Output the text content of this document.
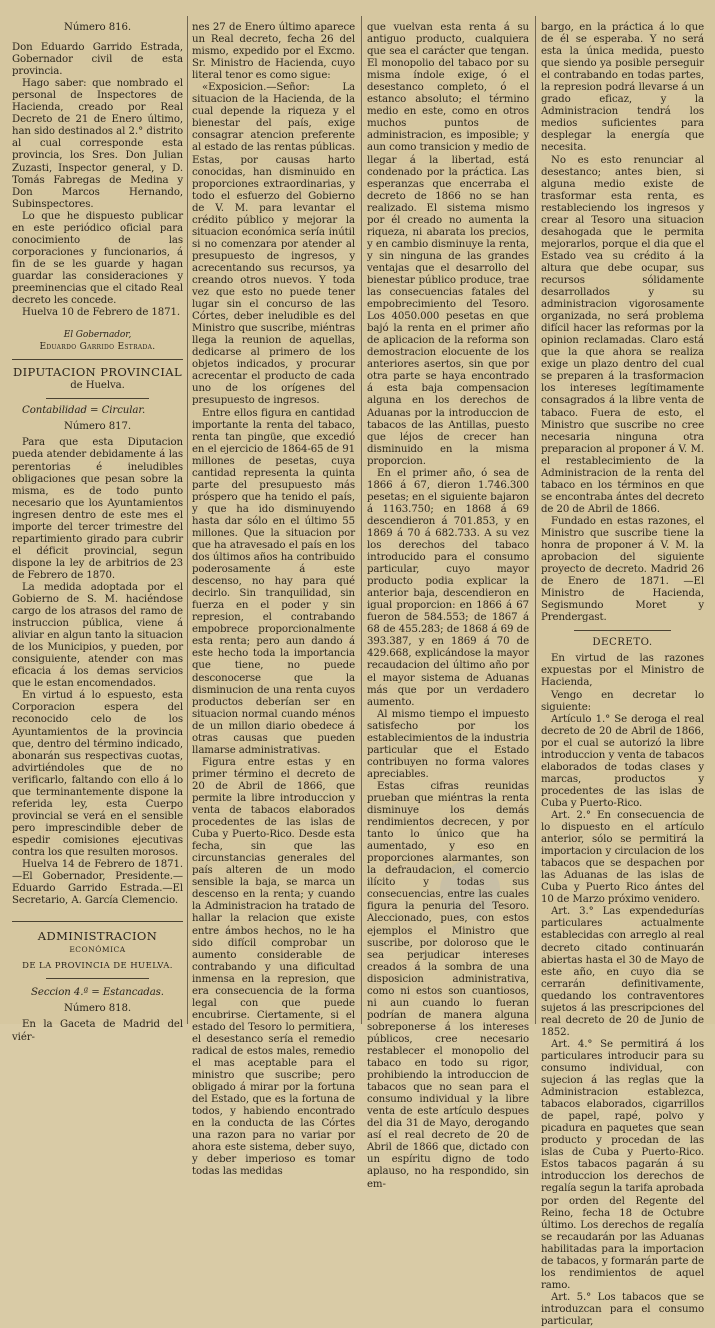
Número 816.

Don Eduardo Garrido Estrada, Gobernador civil de esta provincia.

Hago saber: que nombrado el personal de Inspectores de Hacienda, creado por Real Decreto de 21 de Enero último, han sido destinados al 2.° distrito al cual corresponde esta provincia, los Sres. Don Julian Zuzasti, Inspector general, y D. Tomás Fabregas de Medina y Don Marcos Hernando, Subinspectores.

Lo que he dispuesto publicar en este periódico oficial para conocimiento de las corporaciones y funcionarios, á fin de se les guarde y hagan guardar las consideraciones y preeminencias que el citado Real decreto les concede.

Huelva 10 de Febrero de 1871.

El Gobernador,

Eduardo Garrido Estrada.

DIPUTACION PROVINCIAL

de Huelva.

Contabilidad = Circular.

Número 817.

Para que esta Diputacion pueda atender debidamente á las perentorias é ineludibles obligaciones que pesan sobre la misma, es de todo punto necesario que los Ayuntamientos ingresen dentro de este mes el importe del tercer trimestre del repartimiento girado para cubrir el déficit provincial, segun dispone la ley de arbitrios de 23 de Febrero de 1870.

La medida adoptada por el Gobierno de S. M. haciéndose cargo de los atrasos del ramo de instruccion pública, viene á aliviar en algun tanto la situacion de los Municipios, y pueden, por consiguiente, atender con mas eficacia á los demas servicios que le estan encomendados.

En virtud á lo espuesto, esta Corporacion espera del reconocido celo de los Ayuntamientos de la provincia que, dentro del término indicado, abonarán sus respectivas cuotas, advirtiéndoles que de no verificarlo, faltando con ello á lo que terminantemente dispone la referida ley, esta Cuerpo provincial se verá en el sensible pero imprescindible deber de espedir comisiones ejecutivas contra los que resulten morosos.

Huelva 14 de Febrero de 1871.—El Gobernador, Presidente.—Eduardo Garrido Estrada.—El Secretario, A. García Clemencio.

ADMINISTRACION

ECONÓMICA

DE LA PROVINCIA DE HUELVA.

Seccion 4.ª = Estancadas.

Número 818.

En la Gaceta de Madrid del viér-

nes 27 de Enero último aparece un Real decreto, fecha 26 del mismo, expedido por el Excmo. Sr. Ministro de Hacienda, cuyo literal tenor es como sigue:

«Exposicion.—Señor: La situacion de la Hacienda, de la cual depende la riqueza y el bienestar del país, exige consagrar atencion preferente al estado de las rentas públicas. Estas, por causas harto conocidas, han disminuido en proporciones extraordinarias, y todo el esfuerzo del Gobierno de V. M. para levantar el crédito público y mejorar la situacion económica sería inútil si no comenzara por atender al presupuesto de ingresos, y acrecentando sus recursos, ya creando otros nuevos. Y toda vez que esto no puede tener lugar sin el concurso de las Córtes, deber ineludible es del Ministro que suscribe, miéntras llega la reunion de aquellas, dedicarse al primero de los objetos indicados, y procurar acrecentar el producto de cada uno de los orígenes del presupuesto de ingresos.

Entre ellos figura en cantidad importante la renta del tabaco, renta tan pingüe, que excedió en el ejercicio de 1864-65 de 91 millones de pesetas, cuya cantidad representa la quinta parte del presupuesto más próspero que ha tenido el país, y que ha ido disminuyendo hasta dar sólo en el último 55 millones. Que la situacion por que ha atravesado el país en los dos últimos años ha contribuido poderosamente á este descenso, no hay para qué decirlo. Sin tranquilidad, sin fuerza en el poder y sin represion, el contrabando empobrece proporcionalmente esta renta; pero aun dando á este hecho toda la importancia que tiene, no puede desconocerse que la disminucion de una renta cuyos productos deberían ser en situacion normal cuando ménos de un millon diario obedece á otras causas que pueden llamarse administrativas.

Figura entre estas y en primer término el decreto de 20 de Abril de 1866, que permite la libre introduccion y venta de tabacos elaborados procedentes de las islas de Cuba y Puerto-Rico. Desde esta fecha, sin que las circunstancias generales del país alteren de un modo sensible la baja, se marca un descenso en la renta; y cuando la Administracion ha tratado de hallar la relacion que existe entre ámbos hechos, no le ha sido difícil comprobar un aumento considerable de contrabando y una dificultad inmensa en la represion, que era consecuencia de la forma legal con que puede encubrirse. Ciertamente, si el estado del Tesoro lo permitiera, el desestanco sería el remedio radical de estos males, remedio el mas aceptable para el ministro que suscribe; pero obligado á mirar por la fortuna del Estado, que es la fortuna de todos, y habiendo encontrado en la conducta de las Córtes una razon para no variar por ahora este sistema, deber suyo, y deber imperioso es tomar todas las medidas

que vuelvan esta renta á su antiguo producto, cualquiera que sea el carácter que tengan. El monopolio del tabaco por su misma índole exige, ó el desestanco completo, ó el estanco absoluto; el término medio en este, como en otros muchos puntos de administracion, es imposible; y aun como transicion y medio de llegar á la libertad, está condenado por la práctica. Las esperanzas que encerraba el decreto de 1866 no se han realizado. El sistema mismo por él creado no aumenta la riqueza, ni abarata los precios, y en cambio disminuye la renta, y sin ninguna de las grandes ventajas que el desarrollo del bienestar público produce, trae las consecuencias fatales del empobrecimiento del Tesoro. Los 4050.000 pesetas en que bajó la renta en el primer año de aplicacion de la reforma son demostracion elocuente de los anteriores asertos, sin que por otra parte se haya encontrado á esta baja compensacion alguna en los derechos de Aduanas por la introduccion de tabacos de las Antillas, puesto que léjos de crecer han disminuido en la misma proporcion.

En el primer año, ó sea de 1866 á 67, dieron 1.746.300 pesetas; en el siguiente bajaron á 1163.750; en 1868 á 69 descendieron á 701.853, y en 1869 á 70 á 682.733. A su vez los derechos del tabaco introducido para el consumo particular, cuyo mayor producto podia explicar la anterior baja, descendieron en igual proporcion: en 1866 á 67 fueron de 584.553; de 1867 á 68 de 455.283; de 1868 á 69 de 393.387, y en 1869 á 70 de 429.668, explicándose la mayor recaudacion del último año por el mayor sistema de Aduanas más que por un verdadero aumento.

Al mismo tiempo el impuesto satisfecho por los establecimientos de la industria particular que el Estado contribuyen no forma valores apreciables.

Estas cifras reunidas prueban que miéntras la renta disminuye los demás rendimientos decrecen, y por tanto lo único que ha aumentado, y eso en proporciones alarmantes, son la defraudacion, el comercio ilícito y todas sus consecuencias, entre las cuales figura la penuria del Tesoro. Aleccionado, pues, con estos ejemplos el Ministro que suscribe, por doloroso que le sea perjudicar intereses creados á la sombra de una disposicion administrativa, como ni estos son cuantiosos, ni aun cuando lo fueran podrían de manera alguna sobreponerse á los intereses públicos, cree necesario restablecer el monopolio del tabaco en todo su rigor, prohibiendo la introduccion de tabacos que no sean para el consumo individual y la libre venta de este artículo despues del dia 31 de Mayo, derogando así el real decreto de 20 de Abril de 1866 que, dictado con un espíritu digno de todo aplauso, no ha respondido, sin em-

bargo, en la práctica á lo que de él se esperaba. Y no será esta la única medida, puesto que siendo ya posible perseguir el contrabando en todas partes, la represion podrá llevarse á un grado eficaz, y la Administracion tendrá los medios suficientes para desplegar la energía que necesita.

No es esto renunciar al desestanco; antes bien, si alguna medio existe de trasformar esta renta, es restableciendo los ingresos y crear al Tesoro una situacion desahogada que le permita mejorarlos, porque el dia que el Estado vea su crédito á la altura que debe ocupar, sus recursos sólidamente desarrollados y su administracion vigorosamente organizada, no será problema difícil hacer las reformas por la opinion reclamadas. Claro está que la que ahora se realiza exige un plazo dentro del cual se preparen á la trasformacion los intereses legítimamente consagrados á la libre venta de tabaco. Fuera de esto, el Ministro que suscribe no cree necesaria ninguna otra preparacion al proponer á V. M. el restablecimiento de la Administracion de la renta del tabaco en los términos en que se encontraba ántes del decreto de 20 de Abril de 1866.

Fundado en estas razones, el Ministro que suscribe tiene la honra de proponer á V. M. la aprobacion del siguiente proyecto de decreto. Madrid 26 de Enero de 1871. —El Ministro de Hacienda, Segismundo Moret y Prendergast.

DECRETO.

En virtud de las razones expuestas por el Ministro de Hacienda,

Vengo en decretar lo siguiente:

Artículo 1.° Se deroga el real decreto de 20 de Abril de 1866, por el cual se autorizó la libre introduccion y venta de tabacos elaborados de todas clases y marcas, productos y procedentes de las islas de Cuba y Puerto-Rico.

Art. 2.° En consecuencia de lo dispuesto en el artículo anterior, sólo se permitirá la importacion y circulacion de los tabacos que se despachen por las Aduanas de las islas de Cuba y Puerto Rico ántes del 10 de Marzo próximo venidero.

Art. 3.° Las expendedurías particulares actualmente establecidas con arreglo al real decreto citado continuarán abiertas hasta el 30 de Mayo de este año, en cuyo dia se cerrarán definitivamente, quedando los contraventores sujetos á las prescripciones del real decreto de 20 de Junio de 1852.

Art. 4.° Se permitirá á los particulares introducir para su consumo individual, con sujecion á las reglas que la Administracion establezca, tabacos elaborados, cigarrillos de papel, rapé, polvo y picadura en paquetes que sean producto y procedan de las islas de Cuba y Puerto-Rico. Estos tabacos pagarán á su introduccion los derechos de regalía segun la tarifa aprobada por orden del Regente del Reino, fecha 18 de Octubre último. Los derechos de regalía se recaudarán por las Aduanas habilitadas para la importacion de tabacos, y formarán parte de los rendimientos de aquel ramo.

Art. 5.° Los tabacos que se introduzcan para el consumo particular,
